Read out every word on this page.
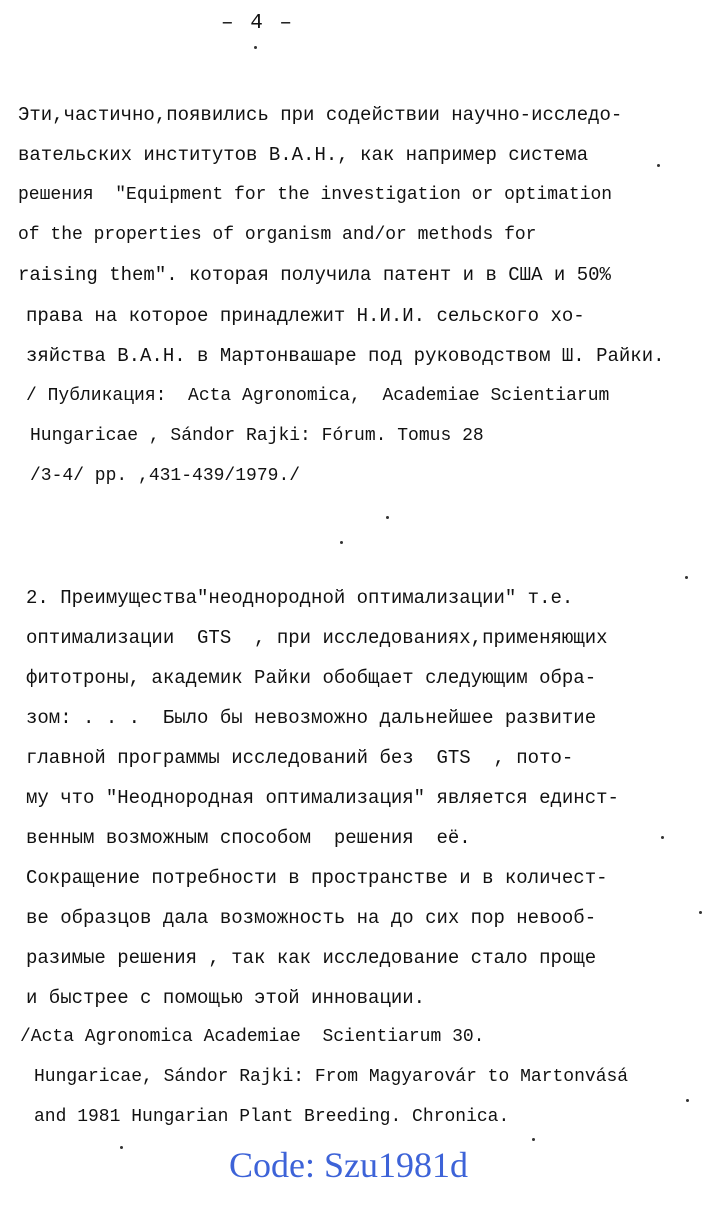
– 4 –
Эти,частично,появились при содействии научно-исследо-
вательских институтов В.А.Н., как например система
решения  "Equipment for the investigation or optimation
of the properties of organism and/or methods for
raising them". которая получила патент и в США и 50%
права на которое принадлежит Н.И.И. сельского хо-
зяйства В.А.Н. в Мартонвашаре под руководством Ш. Райки.
/ Публикация:  Acta Agronomica,  Academiae Scientiarum
Hungaricae , Sándor Rajki: Fórum. Tomus 28
/3-4/ pp. ,431-439/1979./
2. Преимущества"неоднородной оптимализации" т.е.
оптимализации  GTS  , при исследованиях,применяющих
фитотроны, академик Райки обобщает следующим обра-
зом: . . .  Было бы невозможно дальнейшее развитие
главной программы исследований без  GTS  , пото-
му что "Неоднородная оптимализация" является единст-
венным возможным способом  решения  её.
Сокращение потребности в пространстве и в количест-
ве образцов дала возможность на до сих пор невооб-
разимые решения , так как исследование стало проще
и быстрее с помощью этой инновации.
/Acta Agronomica Academiae  Scientiarum 30.
Hungaricae, Sándor Rajki: From Magyarovár to Martonvásá
and 1981 Hungarian Plant Breeding. Chronica.
Code: Szu1981d
